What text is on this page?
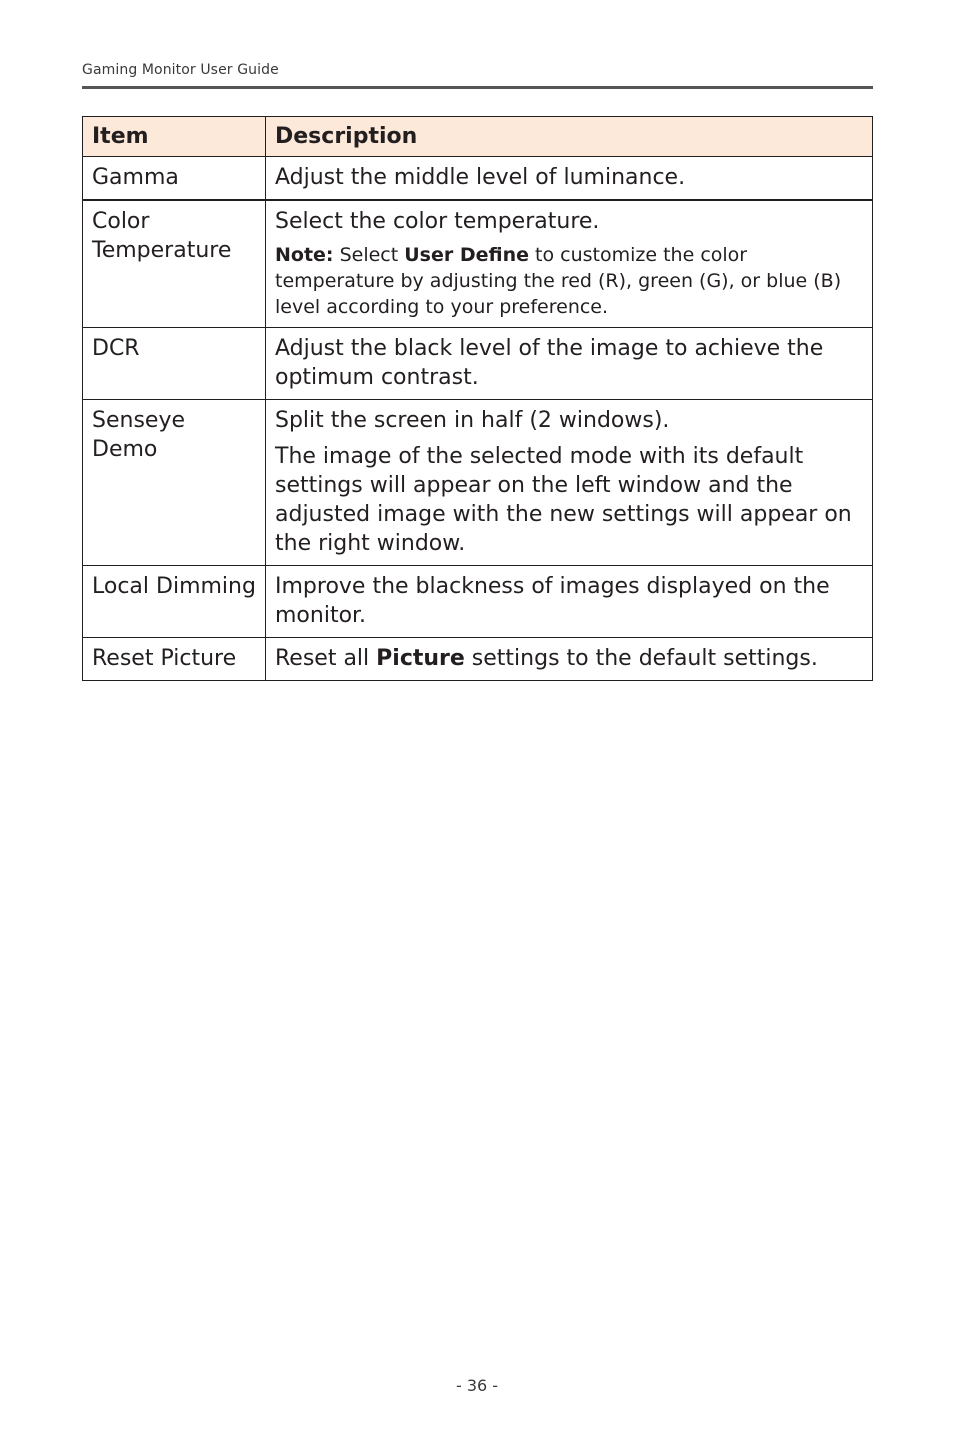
Gaming Monitor User Guide
Item	Description
Gamma	Adjust the middle level of luminance.

Color Temperature	Select the color temperature.

Note: Select User Define to customize the color temperature by adjusting the red (R), green (G), or blue (B) level according to your preference.

DCR	Adjust the black level of the image to achieve the optimum contrast.

Senseye Demo	Split the screen in half (2 windows).

The image of the selected mode with its default settings will appear on the left window and the adjusted image with the new settings will appear on the right window.

Local Dimming	Improve the blackness of images displayed on the monitor.

Reset Picture	Reset all Picture settings to the default settings.

- 36 -
